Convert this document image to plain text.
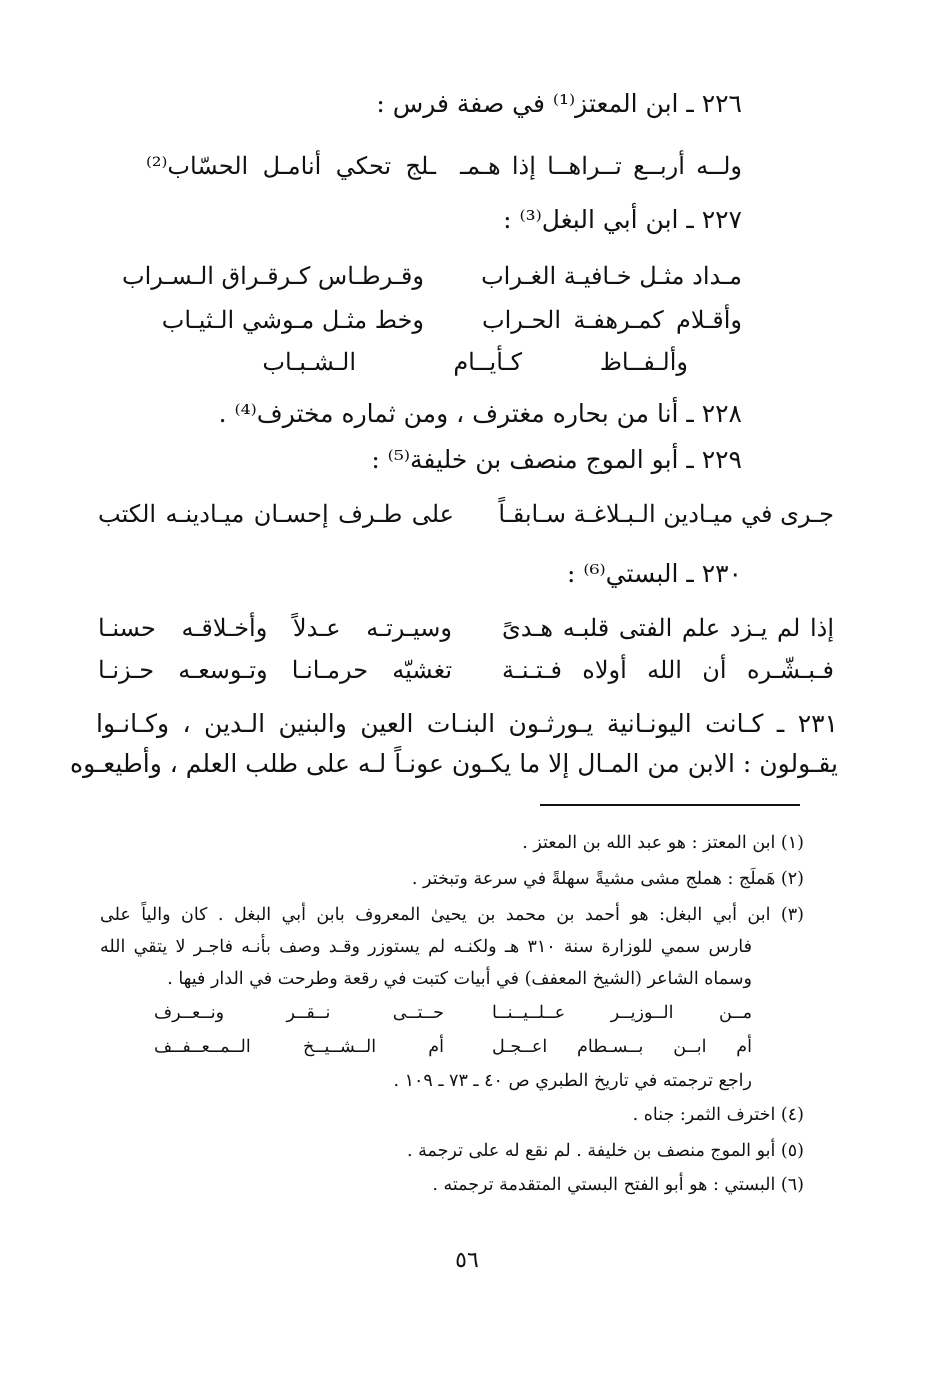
٢٢٦ ـ ابن المعتز⁽¹⁾ في صفة فرس :
ولــه أربــع تــراهــا إذا هـمـ
ـلج تحكي أنامـل الحسّاب⁽²⁾
٢٢٧ ـ ابن أبي البغل⁽³⁾ :
مـداد مثـل خـافيـة الغـراب
وقـرطـاس كـرقـراق الـسـراب
وأقـلام كمـرهفـة الحـراب
وخط مثـل مـوشي الـثيـاب
وألـفــاظ
كـأيــام
الـشـبـاب
٢٢٨ ـ أنا من بحاره مغترف ، ومن ثماره مخترف⁽⁴⁾ .
٢٢٩ ـ أبو الموج منصف بن خليفة⁽⁵⁾ :
جـرى في ميـادين الـبـلاغـة سـابقـاً
على طـرف إحسـان ميـادينـه الكتب
٢٣٠ ـ البستي⁽⁶⁾ :
إذا لم يـزد علم الفتى قلبـه هـدىً
وسيـرتـه عـدلاً وأخـلاقـه حسنـا
فـبـشّـره أن الله أولاه فـتـنـة
تغشيّه حرمـانـا وتـوسعـه حـزنـا
٢٣١ ـ كـانت اليونـانية يـورثـون البنـات العين والبنين الـدين ، وكـانـوا
يقـولون : الابن من المـال إلا ما يكـون عونـاً لـه على طلب العلم ، وأطيعـوه
(١) ابن المعتز : هو عبد الله بن المعتز .
(٢) هَملَج : هملج مشى مشيةً سهلةً في سرعة وتبختر .
(٣) ابن أبي البغل: هو أحمد بن محمد بن يحيىٰ المعروف بابن أبي البغل . كان والياً على
فارس سمي للوزارة سنة ٣١٠ هـ ولكنـه لم يستوزر وقـد وصف بأنـه فاجـر لا يتقي الله
وسماه الشاعر (الشيخ المعفف) في أبيات كتبت في رقعة وطرحت في الدار فيها .
مــن الــوزيــر عــلــيــنــا
حــتــى نــقــر ونــعــرف
أم ابــن بــسـطام اعــجـل
أم الــشــيــخ الــمــعــفــف
راجع ترجمته في تاريخ الطبري ص ٤٠ ـ ٧٣ ـ ١٠٩ .
(٤) اخترف الثمر: جناه .
(٥) أبو الموج منصف بن خليفة . لم نقع له على ترجمة .
(٦) البستي : هو أبو الفتح البستي المتقدمة ترجمته .
٥٦
